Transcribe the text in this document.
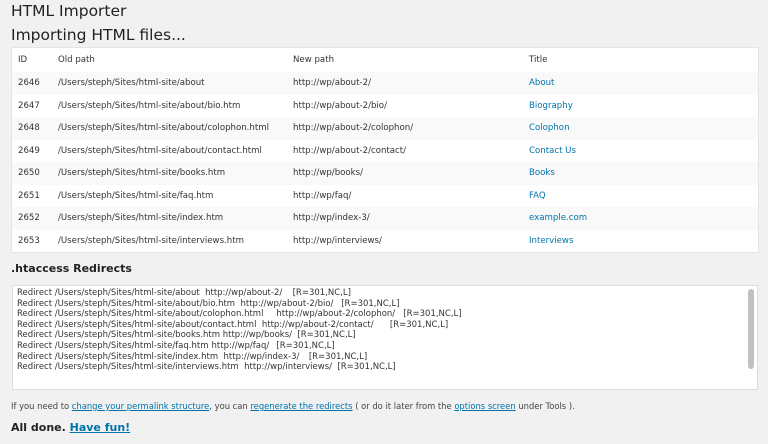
HTML Importer
Importing HTML files...
ID	Old path	New path	Title
2646	/Users/steph/Sites/html-site/about	http://wp/about-2/	About
2647	/Users/steph/Sites/html-site/about/bio.htm	http://wp/about-2/bio/	Biography
2648	/Users/steph/Sites/html-site/about/colophon.html	http://wp/about-2/colophon/	Colophon
2649	/Users/steph/Sites/html-site/about/contact.html	http://wp/about-2/contact/	Contact Us
2650	/Users/steph/Sites/html-site/books.htm	http://wp/books/	Books
2651	/Users/steph/Sites/html-site/faq.htm	http://wp/faq/	FAQ
2652	/Users/steph/Sites/html-site/index.htm	http://wp/index-3/	example.com
2653	/Users/steph/Sites/html-site/interviews.htm	http://wp/interviews/	Interviews
.htaccess Redirects
Redirect /Users/steph/Sites/html-site/about  http://wp/about-2/	[R=301,NC,L]
Redirect /Users/steph/Sites/html-site/about/bio.htm  http://wp/about-2/bio/	[R=301,NC,L]
Redirect /Users/steph/Sites/html-site/about/colophon.html	http://wp/about-2/colophon/   [R=301,NC,L]
Redirect /Users/steph/Sites/html-site/about/contact.html  http://wp/about-2/contact/	[R=301,NC,L]
Redirect /Users/steph/Sites/html-site/books.htm http://wp/books/  [R=301,NC,L]
Redirect /Users/steph/Sites/html-site/faq.htm	http://wp/faq/	[R=301,NC,L]
Redirect /Users/steph/Sites/html-site/index.htm  http://wp/index-3/	[R=301,NC,L]
Redirect /Users/steph/Sites/html-site/interviews.htm  http://wp/interviews/  [R=301,NC,L]
If you need to change your permalink structure, you can regenerate the redirects ( or do it later from the options screen under Tools ).
All done. Have fun!
